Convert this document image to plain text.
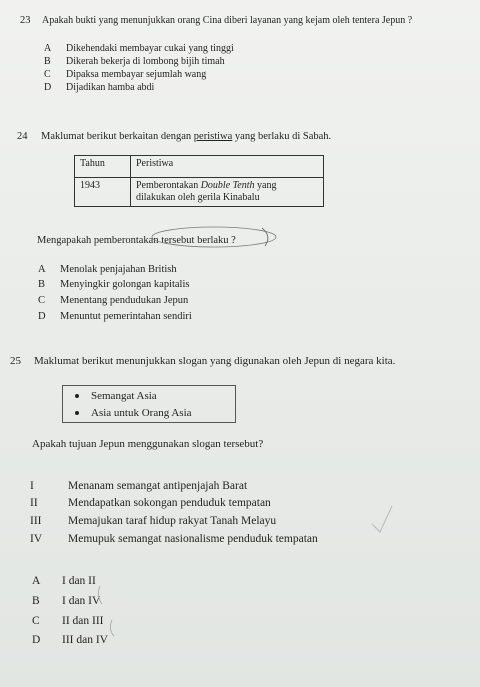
23 Apakah bukti yang menunjukkan orang Cina diberi layanan yang kejam oleh tentera Jepun ?
A Dikehendaki membayar cukai yang tinggi
B Dikerah bekerja di lombong bijih timah
C Dipaksa membayar sejumlah wang
D Dijadikan hamba abdi
24 Maklumat berikut berkaitan dengan peristiwa yang berlaku di Sabah.
Tahun	Peristiwa
1943	Pemberontakan Double Tenth yang dilakukan oleh gerila Kinabalu
Mengapakah pemberontakan tersebut berlaku ?
A Menolak penjajahan British
B Menyingkir golongan kapitalis
C Menentang pendudukan Jepun
D Menuntut pemerintahan sendiri
25 Maklumat berikut menunjukkan slogan yang digunakan oleh Jepun di negara kita.
Semangat Asia
Asia untuk Orang Asia
Apakah tujuan Jepun menggunakan slogan tersebut?
I	Menanam semangat antipenjajah Barat
II	Mendapatkan sokongan penduduk tempatan
III Memajukan taraf hidup rakyat Tanah Melayu
IV Memupuk semangat nasionalisme penduduk tempatan
A I dan II
B I dan IV
C II dan III
D III dan IV
